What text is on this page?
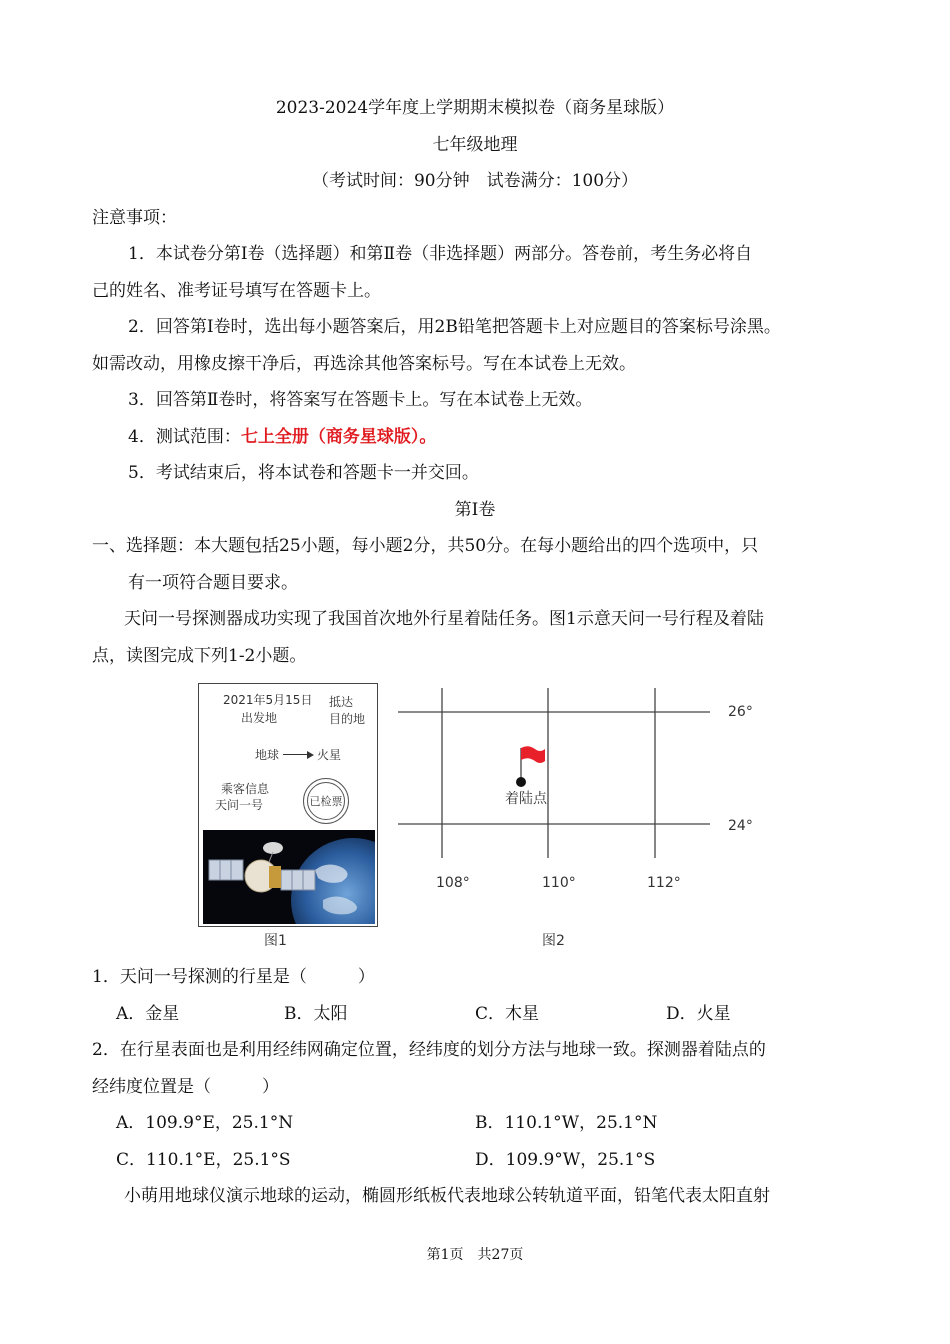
2023-2024学年度上学期期末模拟卷（商务星球版）
七年级地理
（考试时间：90分钟　试卷满分：100分）
注意事项：
1．本试卷分第Ⅰ卷（选择题）和第Ⅱ卷（非选择题）两部分。答卷前，考生务必将自
己的姓名、准考证号填写在答题卡上。
2．回答第Ⅰ卷时，选出每小题答案后，用2B铅笔把答题卡上对应题目的答案标号涂黑。
如需改动，用橡皮擦干净后，再选涂其他答案标号。写在本试卷上无效。
3．回答第Ⅱ卷时，将答案写在答题卡上。写在本试卷上无效。
4．测试范围：七上全册（商务星球版）。
5．考试结束后，将本试卷和答题卡一并交回。
第Ⅰ卷
一、选择题：本大题包括25小题，每小题2分，共50分。在每小题给出的四个选项中，只
有一项符合题目要求。
天问一号探测器成功实现了我国首次地外行星着陆任务。图1示意天问一号行程及着陆
点，读图完成下列1-2小题。
2021年5月15日
出发地
抵达
目的地
地球	火星
乘客信息
天问一号	已检票
图1
26°
24°
108°	110°	112°
着陆点
图2
1．天问一号探测的行星是（　　　）
A．金星	B．太阳	C．木星	D．火星
2．在行星表面也是利用经纬网确定位置，经纬度的划分方法与地球一致。探测器着陆点的
经纬度位置是（　　　）
A．109.9°E，25.1°N	B．110.1°W，25.1°N
C．110.1°E，25.1°S	D．109.9°W，25.1°S
小萌用地球仪演示地球的运动，椭圆形纸板代表地球公转轨道平面，铅笔代表太阳直射
第1页　共27页
